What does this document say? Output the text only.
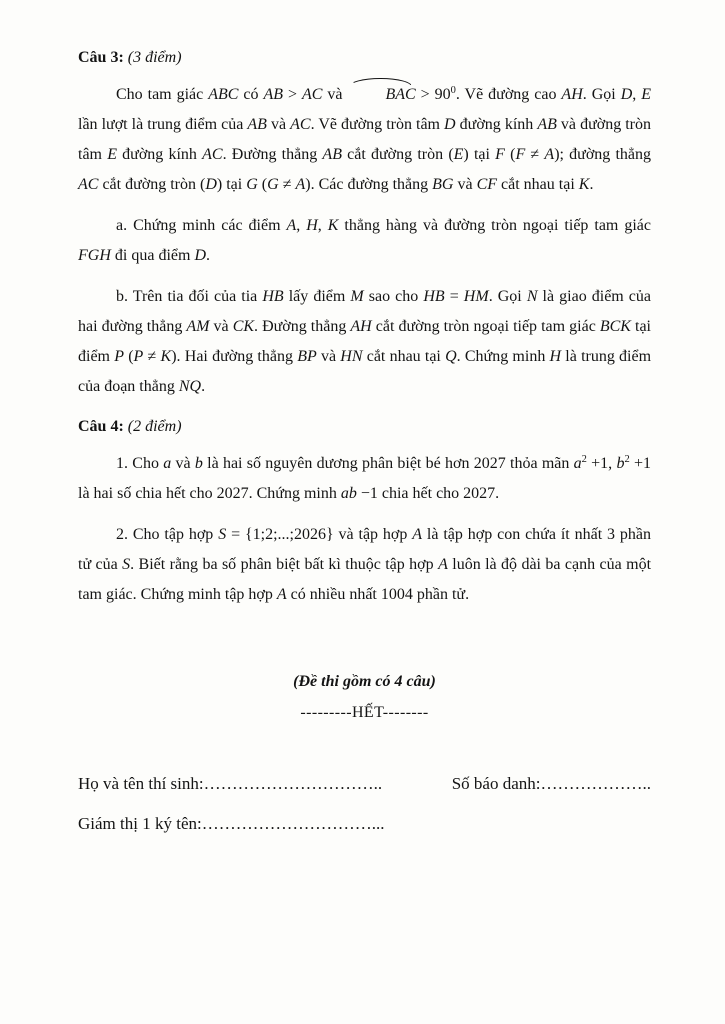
Câu 3: (3 điểm)

Cho tam giác ABC có AB > AC và BAC > $90^0$. Vẽ đường cao AH. Gọi D, E lần lượt là trung điểm của AB và AC. Vẽ đường tròn tâm D đường kính AB và đường tròn tâm E đường kính AC. Đường thẳng AB cắt đường tròn (E) tại F (F ≠ A); đường thẳng AC cắt đường tròn (D) tại G (G ≠ A). Các đường thẳng BG và CF cắt nhau tại K.

a. Chứng minh các điểm A, H, K thẳng hàng và đường tròn ngoại tiếp tam giác FGH đi qua điểm D.

b. Trên tia đối của tia HB lấy điểm M sao cho HB = HM. Gọi N là giao điểm của hai đường thẳng AM và CK. Đường thẳng AH cắt đường tròn ngoại tiếp tam giác BCK tại điểm P (P ≠ K). Hai đường thẳng BP và HN cắt nhau tại Q. Chứng minh H là trung điểm của đoạn thẳng NQ.

Câu 4: (2 điểm)

1. Cho a và b là hai số nguyên dương phân biệt bé hơn 2027 thỏa mãn $a^2 +1$, $b^2 +1$ là hai số chia hết cho 2027. Chứng minh ab −1 chia hết cho 2027.

2. Cho tập hợp S = {1;2;...;2026} và tập hợp A là tập hợp con chứa ít nhất 3 phần tử của S. Biết rằng ba số phân biệt bất kì thuộc tập hợp A luôn là độ dài ba cạnh của một tam giác. Chứng minh tập hợp A có nhiều nhất 1004 phần tử.

(Đề thi gồm có 4 câu)

---------HẾT--------

Họ và tên thí sinh:…………………………..	Số báo danh:………………..

Giám thị 1 ký tên:…………………………...
